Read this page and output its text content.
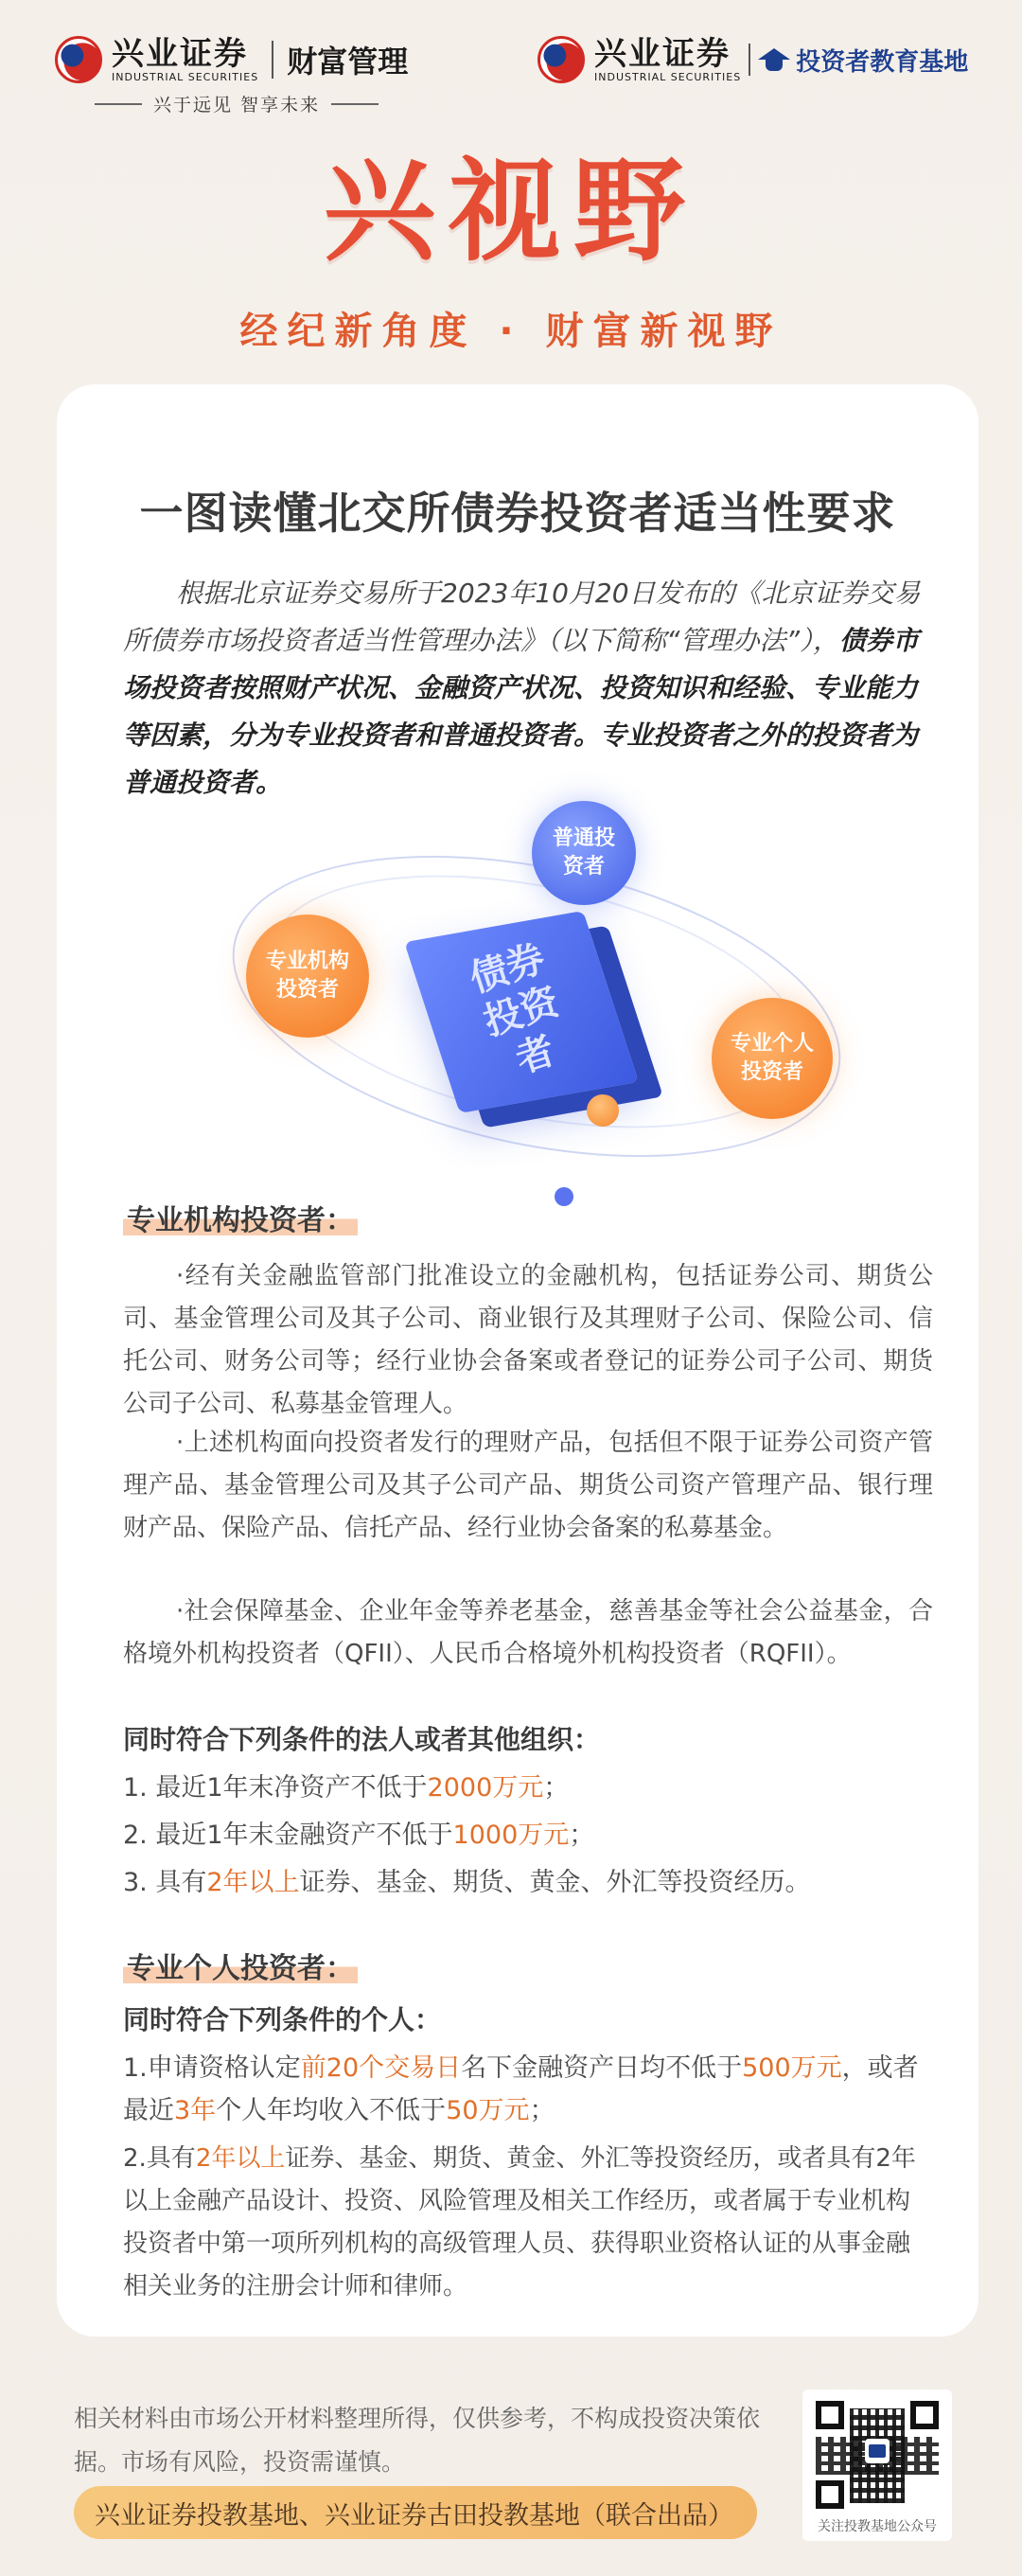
兴业证券
INDUSTRIAL SECURITIES 财富管理
兴于远见 智享未来
兴业证券
INDUSTRIAL SECURITIES
投资者教育基地
兴视野
经纪新角度 · 财富新视野
一图读懂北交所债券投资者适当性要求
根据北京证券交易所于2023年10月20日发布的《北京证券交易所债券市场投资者适当性管理办法》（以下简称“管理办法”），债券市场投资者按照财产状况、金融资产状况、投资知识和经验、专业能力等因素，分为专业投资者和普通投资者。专业投资者之外的投资者为普通投资者。
普通投资者
专业机构投资者	债券投资者	专业个人投资者
专业机构投资者：
·经有关金融监管部门批准设立的金融机构，包括证券公司、期货公司、基金管理公司及其子公司、商业银行及其理财子公司、保险公司、信托公司、财务公司等；经行业协会备案或者登记的证券公司子公司、期货公司子公司、私募基金管理人。
·上述机构面向投资者发行的理财产品，包括但不限于证券公司资产管理产品、基金管理公司及其子公司产品、期货公司资产管理产品、银行理财产品、保险产品、信托产品、经行业协会备案的私募基金。
·社会保障基金、企业年金等养老基金，慈善基金等社会公益基金，合格境外机构投资者（QFII）、人民币合格境外机构投资者（RQFII）。
同时符合下列条件的法人或者其他组织：
1. 最近1年末净资产不低于2000万元；
2. 最近1年末金融资产不低于1000万元；
3. 具有2年以上证券、基金、期货、黄金、外汇等投资经历。
专业个人投资者：
同时符合下列条件的个人：
1.申请资格认定前20个交易日名下金融资产日均不低于500万元，或者最近3年个人年均收入不低于50万元；
2.具有2年以上证券、基金、期货、黄金、外汇等投资经历，或者具有2年以上金融产品设计、投资、风险管理及相关工作经历，或者属于专业机构投资者中第一项所列机构的高级管理人员、获得职业资格认证的从事金融相关业务的注册会计师和律师。
相关材料由市场公开材料整理所得，仅供参考，不构成投资决策依据。市场有风险，投资需谨慎。
兴业证券投教基地、兴业证券古田投教基地（联合出品）	关注投教基地公众号
